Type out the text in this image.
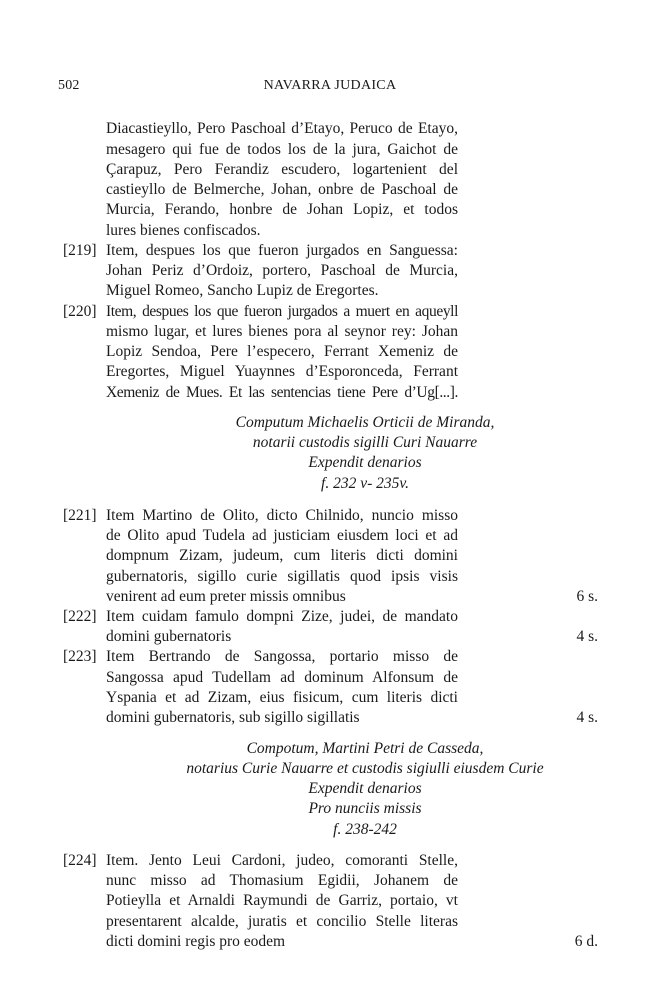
502	NAVARRA JUDAICA
Diacastieyllo, Pero Paschoal d’Etayo, Peruco de Etayo,
mesagero qui fue de todos los de la jura, Gaichot de
Çarapuz, Pero Ferandiz escudero, logartenient del
castieyllo de Belmerche, Johan, onbre de Paschoal de
Murcia, Ferando, honbre de Johan Lopiz, et todos
lures bienes confiscados.
[219] Item, despues los que fueron jurgados en Sanguessa:
Johan Periz d’Ordoiz, portero, Paschoal de Murcia,
Miguel Romeo, Sancho Lupiz de Eregortes.
[220] Item, despues los que fueron jurgados a muert en aqueyll
mismo lugar, et lures bienes pora al seynor rey: Johan
Lopiz Sendoa, Pere l’especero, Ferrant Xemeniz de
Eregortes, Miguel Yuaynnes d’Esporonceda, Ferrant
Xemeniz de Mues. Et las sentencias tiene Pere d’Ug[...].
Computum Michaelis Orticii de Miranda,
notarii custodis sigilli Curi Nauarre
Expendit denarios
f. 232 v- 235v.
[221] Item Martino de Olito, dicto Chilnido, nuncio misso
de Olito apud Tudela ad justiciam eiusdem loci et ad
dompnum Zizam, judeum, cum literis dicti domini
gubernatoris, sigillo curie sigillatis quod ipsis visis
venirent ad eum preter missis omnibus	6 s.
[222] Item cuidam famulo dompni Zize, judei, de mandato
domini gubernatoris	4 s.
[223] Item Bertrando de Sangossa, portario misso de
Sangossa apud Tudellam ad dominum Alfonsum de
Yspania et ad Zizam, eius fisicum, cum literis dicti
domini gubernatoris, sub sigillo sigillatis	4 s.
Compotum, Martini Petri de Casseda,
notarius Curie Nauarre et custodis sigiulli eiusdem Curie
Expendit denarios
Pro nunciis missis
f. 238-242
[224] Item. Jento Leui Cardoni, judeo, comoranti Stelle,
nunc misso ad Thomasium Egidii, Johanem de
Potieylla et Arnaldi Raymundi de Garriz, portaio, vt
presentarent alcalde, juratis et concilio Stelle literas
dicti domini regis pro eodem	6 d.
